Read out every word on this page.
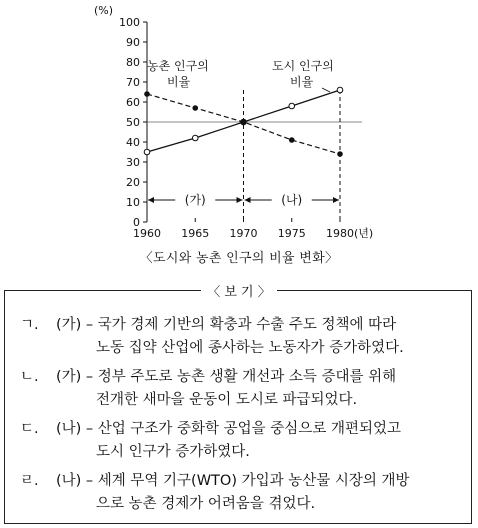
0
10
20
30
40
50
60
70
80
90
100
(%)
1960 1965 1970 1975 1980(년)
(가)	(나)
농촌 인구의
비율
도시 인구의
비율
〈도시와 농촌 인구의 비율 변화〉
〈 보 기 〉
ㄱ. (가) – 국가 경제 기반의 확충과 수출 주도 정책에 따라
노동 집약 산업에 종사하는 노동자가 증가하였다.
ㄴ. (가) – 정부 주도로 농촌 생활 개선과 소득 증대를 위해
전개한 새마을 운동이 도시로 파급되었다.
ㄷ. (나) – 산업 구조가 중화학 공업을 중심으로 개편되었고
도시 인구가 증가하였다.
ㄹ. (나) – 세계 무역 기구(WTO) 가입과 농산물 시장의 개방
으로 농촌 경제가 어려움을 겪었다.
